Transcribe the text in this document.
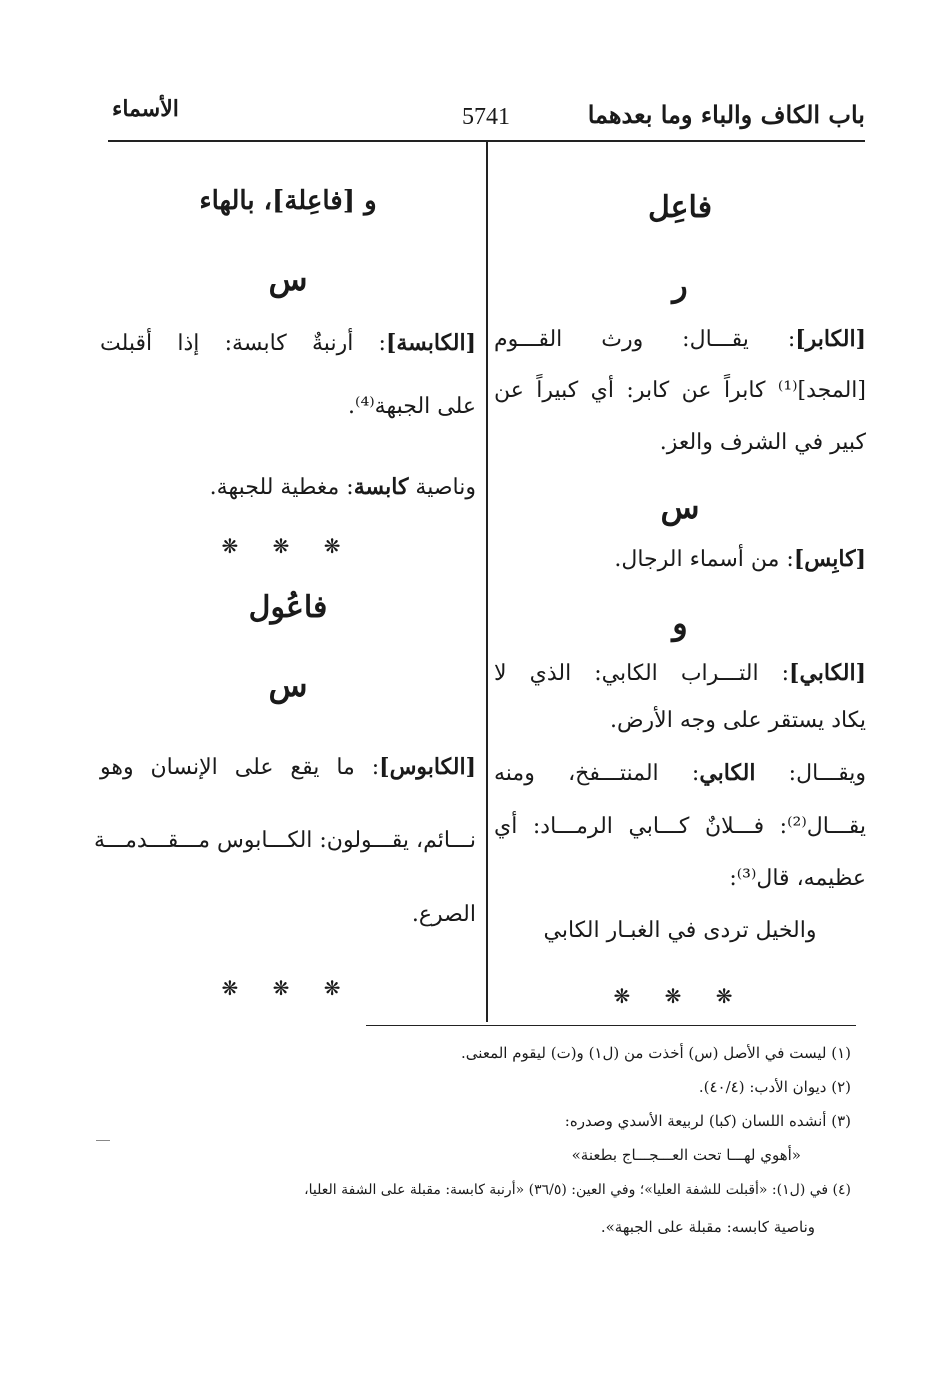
باب الكاف والباء وما بعدهما
5741
الأسماء
فاعِل
ر
[الكابر]: يقـــال: ورث القـــوم
[المجد]⁽¹⁾ كابراً عن كابر: أي كبيراً عن
كبير في الشرف والعز.
س
[كابِس]: من أسماء الرجال.
و
[الكابي]: التـــراب الكابي: الذي لا
يكاد يستقر على وجه الأرض.
ويقـــال: الكابي: المنتـــفخ، ومنه
يقـــال⁽²⁾: فـــلانٌ كـــابي الرمـــاد: أي
عظيمه، قال⁽³⁾:
والخيل تردى في الغبـار الكابي
❋ ❋ ❋
و [فاعِلة]، بالهاء
س
[الكابسة]: أرنبةٌ كابسة: إذا أقبلت
على الجبهة⁽⁴⁾.
وناصية كابسة: مغطية للجبهة.
❋ ❋ ❋
فاعُول
س
[الكابوس]: ما يقع على الإنسان وهو
نـــائم، يقـــولون: الكـــابوس مـــقـــدمـــة
الصرع.
❋ ❋ ❋
(١) ليست في الأصل (س) أخذت من (ل١) و(ت) ليقوم المعنى.
(٢) ديوان الأدب: (٤٠/٤).
(٣) أنشده اللسان (كبا) لربيعة الأسدي وصدره:
«أهوي لهـــا تحت العـــجـــاج بطعنة»
(٤) في (ل١): «أقبلت للشفة العليا»؛ وفي العين: (٣٦/٥) «أرنبة كابسة: مقبلة على الشفة العليا،
وناصية كابسه: مقبلة على الجبهة».
